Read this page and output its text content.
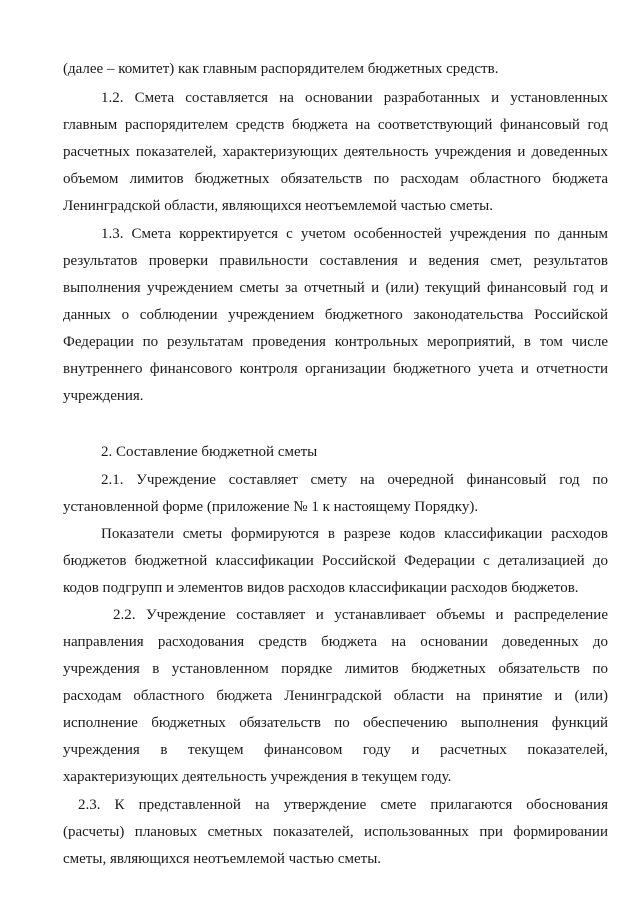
(далее – комитет) как главным распорядителем бюджетных средств.
1.2. Смета составляется на основании разработанных и установленных
главным распорядителем средств бюджета на соответствующий финансовый год
расчетных показателей, характеризующих деятельность учреждения и доведенных
объемом лимитов бюджетных обязательств по расходам областного бюджета
Ленинградской области, являющихся неотъемлемой частью сметы.
1.3. Смета корректируется с учетом особенностей учреждения по данным
результатов проверки правильности составления и ведения смет, результатов
выполнения учреждением сметы за отчетный и (или) текущий финансовый год и
данных о соблюдении учреждением бюджетного законодательства Российской
Федерации по результатам проведения контрольных мероприятий, в том числе
внутреннего финансового контроля организации бюджетного учета и отчетности
учреждения.
2. Составление бюджетной сметы
2.1. Учреждение составляет смету на очередной финансовый год по
установленной форме (приложение № 1 к настоящему Порядку).
Показатели сметы формируются в разрезе кодов классификации расходов
бюджетов бюджетной классификации Российской Федерации с детализацией до
кодов подгрупп и элементов видов расходов классификации расходов бюджетов.
2.2. Учреждение составляет и устанавливает объемы и распределение
направления расходования средств бюджета на основании доведенных до
учреждения в установленном порядке лимитов бюджетных обязательств по
расходам областного бюджета Ленинградской области на принятие и (или)
исполнение бюджетных обязательств по обеспечению выполнения функций
учреждения в текущем финансовом году и расчетных показателей,
характеризующих деятельность учреждения в текущем году.
2.3. К представленной на утверждение смете прилагаются обоснования
(расчеты) плановых сметных показателей, использованных при формировании
сметы, являющихся неотъемлемой частью сметы.
